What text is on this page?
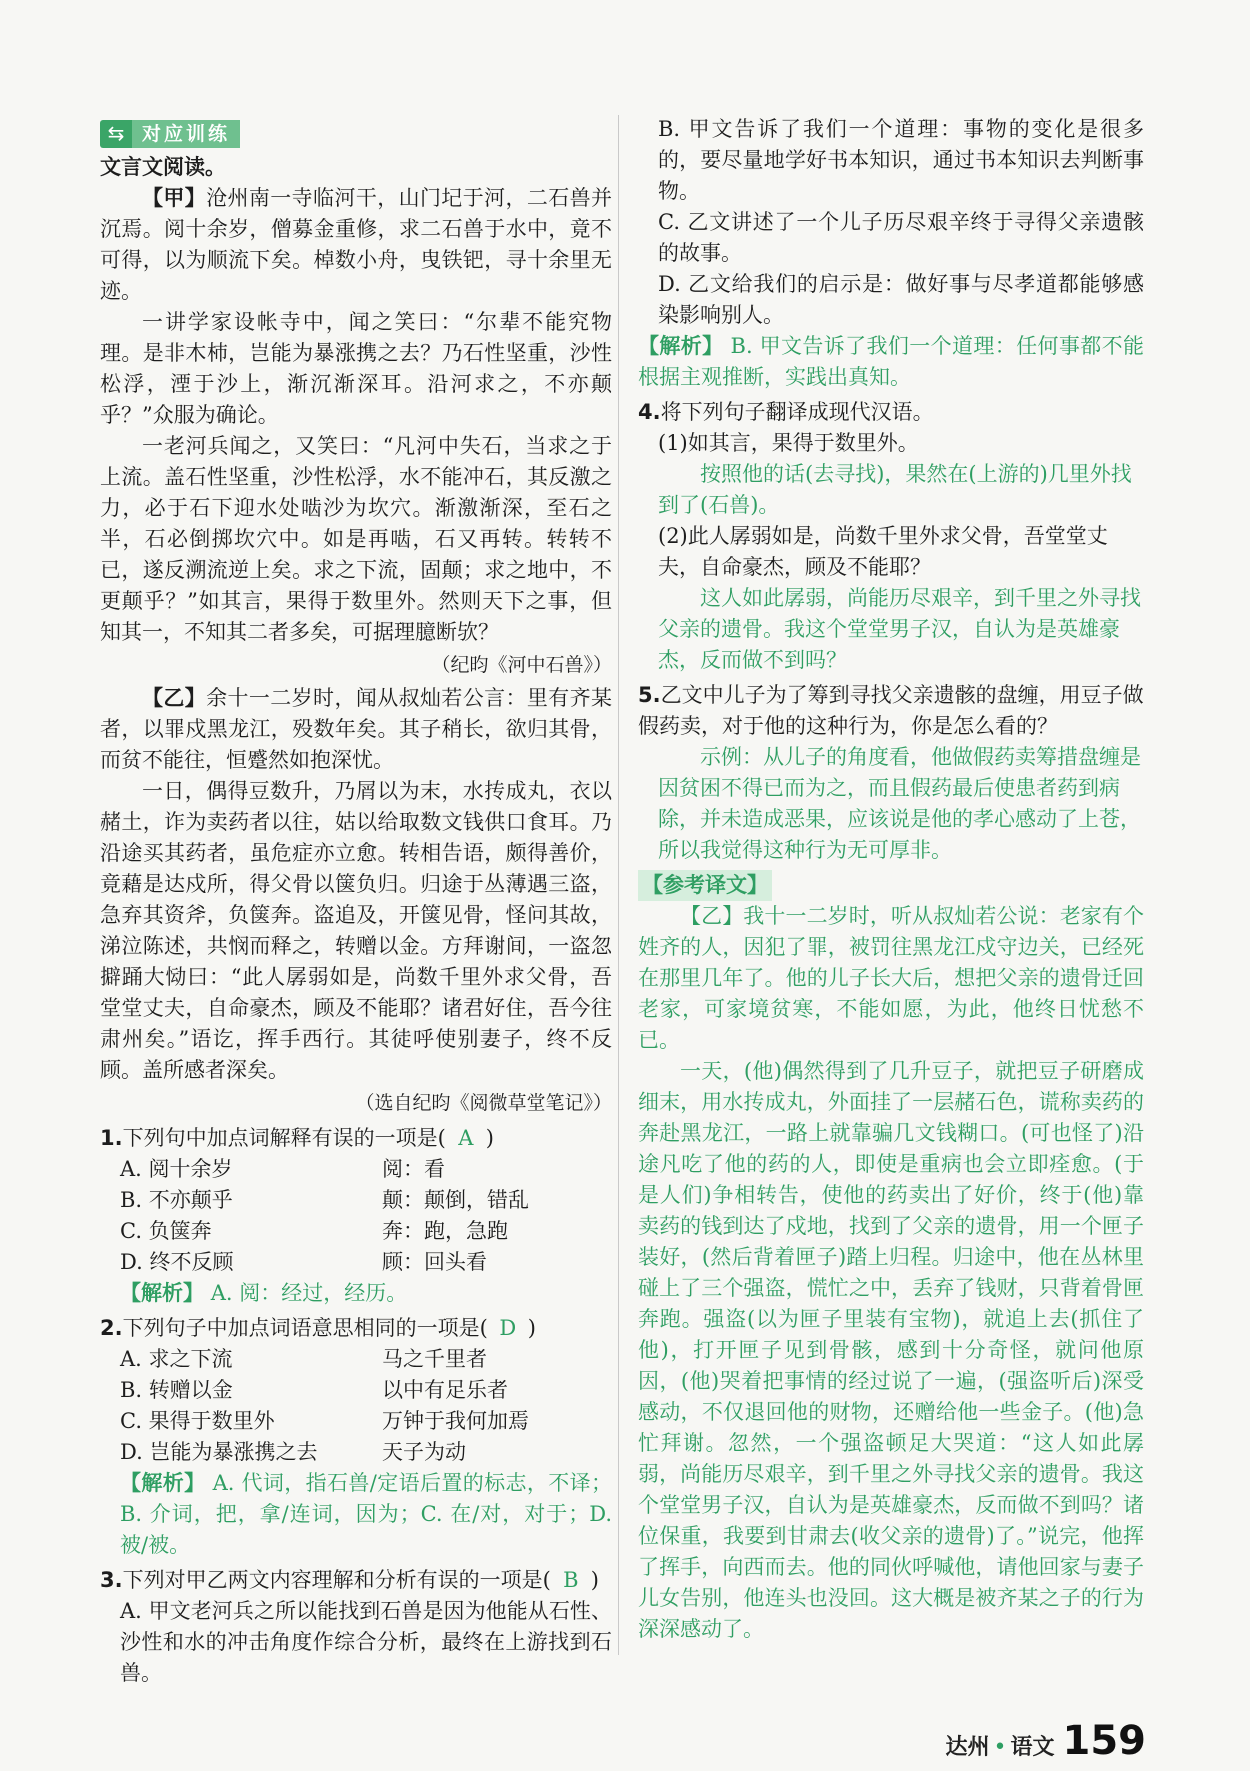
⇆ 对应训练

文言文阅读。

【甲】沧州南一寺临河干，山门圮于河，二石兽并沉焉。阅十余岁，僧募金重修，求二石兽于水中，竟不可得，以为顺流下矣。棹数小舟，曳铁钯，寻十余里无迹。

一讲学家设帐寺中，闻之笑曰：“尔辈不能究物理。是非木杮，岂能为暴涨携之去？乃石性坚重，沙性松浮，湮于沙上，渐沉渐深耳。沿河求之，不亦颠乎？”众服为确论。

一老河兵闻之，又笑曰：“凡河中失石，当求之于上流。盖石性坚重，沙性松浮，水不能冲石，其反激之力，必于石下迎水处啮沙为坎穴。渐激渐深，至石之半，石必倒掷坎穴中。如是再啮，石又再转。转转不已，遂反溯流逆上矣。求之下流，固颠；求之地中，不更颠乎？”如其言，果得于数里外。然则天下之事，但知其一，不知其二者多矣，可据理臆断欤？

（纪昀《河中石兽》）

【乙】余十一二岁时，闻从叔灿若公言：里有齐某者，以罪戍黑龙江，殁数年矣。其子稍长，欲归其骨，而贫不能往，恒蹙然如抱深忧。

一日，偶得豆数升，乃屑以为末，水抟成丸，衣以赭土，诈为卖药者以往，姑以给取数文钱供口食耳。乃沿途买其药者，虽危症亦立愈。转相告语，颇得善价，竟藉是达戍所，得父骨以箧负归。归途于丛薄遇三盗，急弃其资斧，负箧奔。盗追及，开箧见骨，怪问其故，涕泣陈述，共悯而释之，转赠以金。方拜谢间，一盗忽擗踊大恸曰：“此人孱弱如是，尚数千里外求父骨，吾堂堂丈夫，自命豪杰，顾及不能耶？诸君好住，吾今往肃州矣。”语讫，挥手西行。其徒呼使别妻子，终不反顾。盖所感者深矣。

（选自纪昀《阅微草堂笔记》）

1.下列句中加点词解释有误的一项是( A )

A. 阅十余岁	阅：看
B. 不亦颠乎	颠：颠倒，错乱
C. 负箧奔	奔：跑，急跑
D. 终不反顾	顾：回头看

【解析】 A. 阅：经过，经历。

2.下列句子中加点词语意思相同的一项是( D )

A. 求之下流	马之千里者
B. 转赠以金	以中有足乐者
C. 果得于数里外	万钟于我何加焉
D. 岂能为暴涨携之去	天子为动

【解析】 A. 代词，指石兽/定语后置的标志，不译；B. 介词，把，拿/连词，因为；C. 在/对，对于；D. 被/被。

3.下列对甲乙两文内容理解和分析有误的一项是( B )

A. 甲文老河兵之所以能找到石兽是因为他能从石性、沙性和水的冲击角度作综合分析，最终在上游找到石兽。

B. 甲文告诉了我们一个道理：事物的变化是很多的，要尽量地学好书本知识，通过书本知识去判断事物。

C. 乙文讲述了一个儿子历尽艰辛终于寻得父亲遗骸的故事。

D. 乙文给我们的启示是：做好事与尽孝道都能够感染影响别人。

【解析】 B. 甲文告诉了我们一个道理：任何事都不能根据主观推断，实践出真知。

4.将下列句子翻译成现代汉语。

(1)如其言，果得于数里外。

按照他的话(去寻找)，果然在(上游的)几里外找到了(石兽)。

(2)此人孱弱如是，尚数千里外求父骨，吾堂堂丈夫，自命豪杰，顾及不能耶？

这人如此孱弱，尚能历尽艰辛，到千里之外寻找父亲的遗骨。我这个堂堂男子汉，自认为是英雄豪杰，反而做不到吗？

5.乙文中儿子为了筹到寻找父亲遗骸的盘缠，用豆子做假药卖，对于他的这种行为，你是怎么看的？

示例：从儿子的角度看，他做假药卖筹措盘缠是因贫困不得已而为之，而且假药最后使患者药到病除，并未造成恶果，应该说是他的孝心感动了上苍，所以我觉得这种行为无可厚非。

【参考译文】

【乙】我十一二岁时，听从叔灿若公说：老家有个姓齐的人，因犯了罪，被罚往黑龙江戍守边关，已经死在那里几年了。他的儿子长大后，想把父亲的遗骨迁回老家，可家境贫寒，不能如愿，为此，他终日忧愁不已。

一天，(他)偶然得到了几升豆子，就把豆子研磨成细末，用水抟成丸，外面挂了一层赭石色，谎称卖药的奔赴黑龙江，一路上就靠骗几文钱糊口。(可也怪了)沿途凡吃了他的药的人，即使是重病也会立即痊愈。(于是人们)争相转告，使他的药卖出了好价，终于(他)靠卖药的钱到达了戍地，找到了父亲的遗骨，用一个匣子装好，(然后背着匣子)踏上归程。归途中，他在丛林里碰上了三个强盗，慌忙之中，丢弃了钱财，只背着骨匣奔跑。强盗(以为匣子里装有宝物)，就追上去(抓住了他)，打开匣子见到骨骸，感到十分奇怪，就问他原因，(他)哭着把事情的经过说了一遍，(强盗听后)深受感动，不仅退回他的财物，还赠给他一些金子。(他)急忙拜谢。忽然，一个强盗顿足大哭道：“这人如此孱弱，尚能历尽艰辛，到千里之外寻找父亲的遗骨。我这个堂堂男子汉，自认为是英雄豪杰，反而做不到吗？诸位保重，我要到甘肃去(收父亲的遗骨)了。”说完，他挥了挥手，向西而去。他的同伙呼喊他，请他回家与妻子儿女告别，他连头也没回。这大概是被齐某之子的行为深深感动了。

达州 • 语文 159
